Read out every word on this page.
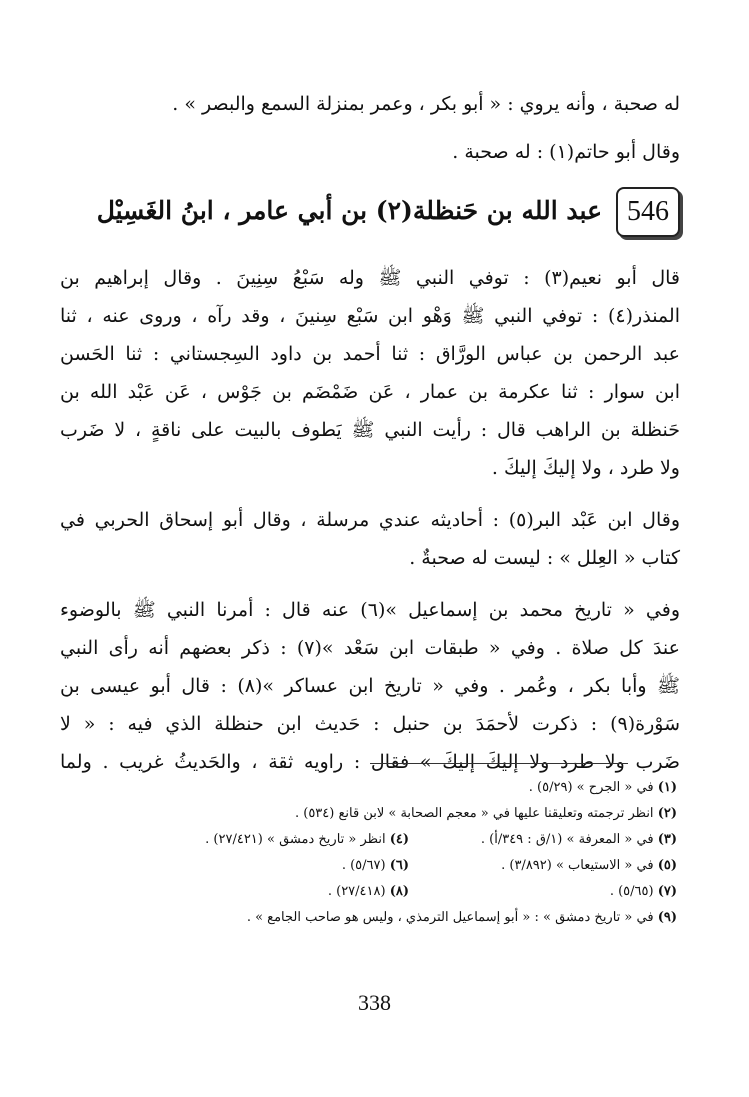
له صحبة ، وأنه يروي : « أبو بكر ، وعمر بمنزلة السمع والبصر » .
وقال أبو حاتم(١) : له صحبة .
546
عبد الله بن حَنظلة(٢) بن أبي عامر ، ابنُ الغَسِيْل
قال أبو نعيم(٣) : توفي النبي ﷺ وله سَبْعُ سِنِينَ . وقال إبراهيم بن
المنذر(٤) : توفي النبي ﷺ وَهْو ابن سَبْع سِنينَ ، وقد رآه ، وروى عنه ، ثنا
عبد الرحمن بن عباس الورَّاق : ثنا أحمد بن داود السِجستاني : ثنا الحَسن
ابن سوار : ثنا عكرمة بن عمار ، عَن ضَمْضَم بن جَوْس ، عَن عَبْد الله بن
حَنظلة بن الراهب قال : رأيت النبي ﷺ يَطوف بالبيت على ناقةٍ ، لا ضَرب
ولا طرد ، ولا إليكَ إليكَ .
وقال ابن عَبْد البر(٥) : أحاديثه عندي مرسلة ، وقال أبو إسحاق الحربي في
كتاب « العِلل » : ليست له صحبةٌ .
وفي « تاريخ محمد بن إسماعيل »(٦) عنه قال : أمرنا النبي ﷺ بالوضوء
عندَ كل صلاة . وفي « طبقات ابن سَعْد »(٧) : ذكر بعضهم أنه رأى النبي
ﷺ وأبا بكر ، وعُمر . وفي « تاريخ ابن عساكر »(٨) : قال أبو عيسى بن
سَوْرة(٩) : ذكرت لأحمَدَ بن حنبل : حَديث ابن حنظلة الذي فيه : « لا
ضَرب ولا طرد ولا إليكَ إليكَ » فقال : راويه ثقة ، والحَديثُ غريب . ولما
(١) في « الجرح » (٥/٢٩) .
(٢) انظر ترجمته وتعليقنا عليها في « معجم الصحابة » لابن قانع (٥٣٤) .
(٣) في « المعرفة » (١/ق : ٣٤٩/أ) .
(٤) انظر « تاريخ دمشق » (٢٧/٤٢١) .
(٥) في « الاستيعاب » (٣/٨٩٢) .
(٦) (٥/٦٧) .
(٧) (٥/٦٥) .
(٨) (٢٧/٤١٨) .
(٩) في « تاريخ دمشق » : « أبو إسماعيل الترمذي ، وليس هو صاحب الجامع » .
338
